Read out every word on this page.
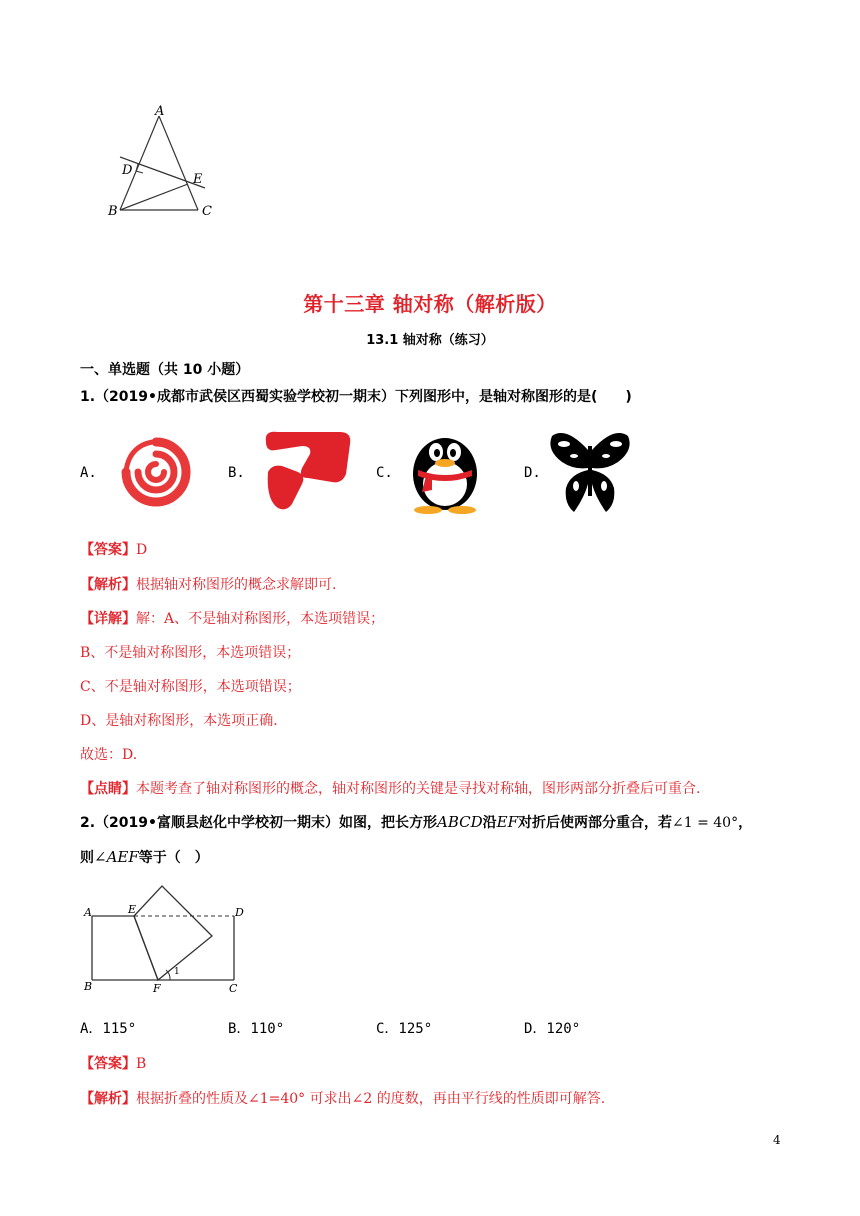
A
B	C
D
E
第十三章 轴对称（解析版）
13.1 轴对称（练习）
一、单选题（共 10 小题）
1.（2019•成都市武侯区西蜀实验学校初一期末）下列图形中，是轴对称图形的是(　　)
A.	B.	C.	D.
【答案】D
【解析】根据轴对称图形的概念求解即可.
【详解】解：A、不是轴对称图形，本选项错误；
B、不是轴对称图形，本选项错误；
C、不是轴对称图形，本选项错误；
D、是轴对称图形，本选项正确.
故选：D.
【点睛】本题考查了轴对称图形的概念，轴对称图形的关键是寻找对称轴，图形两部分折叠后可重合.
2.（2019•富顺县赵化中学校初一期末）如图，把长方形ABCD沿EF对折后使两部分重合，若∠1 = 40°，
则∠AEF等于（　）
A	E	D
B	F	C
1
A．115°	B．110°	C．125°	D．120°
【答案】B
【解析】根据折叠的性质及∠1=40° 可求出∠2 的度数，再由平行线的性质即可解答.
4
